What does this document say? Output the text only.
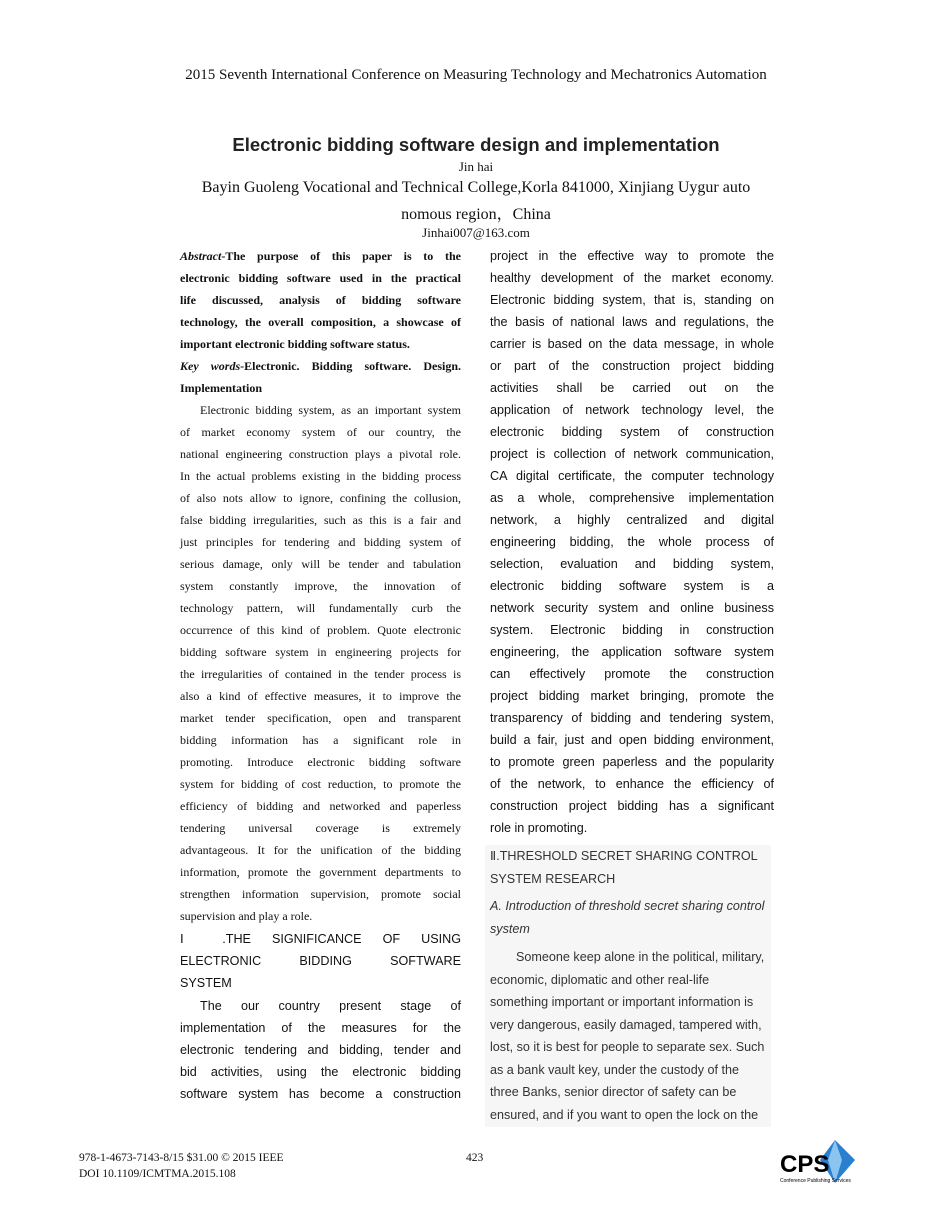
2015 Seventh International Conference on Measuring Technology and Mechatronics Automation
Electronic bidding software design and implementation
Jin hai
Bayin Guoleng Vocational and Technical College,Korla 841000, Xinjiang Uygur auto
nomous region，China
Jinhai007@163.com
Abstract-The purpose of this paper is to the
electronic bidding software used in the practical
life discussed, analysis of bidding software
technology, the overall composition, a showcase of
important electronic bidding software status.
Key words-Electronic. Bidding software. Design.
Implementation
Electronic bidding system, as an important system
of market economy system of our country, the
national engineering construction plays a pivotal role.
In the actual problems existing in the bidding process
of also nots allow to ignore, confining the collusion,
false bidding irregularities, such as this is a fair and
just principles for tendering and bidding system of
serious damage, only will be tender and tabulation
system constantly improve, the innovation of
technology pattern, will fundamentally curb the
occurrence of this kind of problem. Quote electronic
bidding software system in engineering projects for
the irregularities of contained in the tender process is
also a kind of effective measures, it to improve the
market tender specification, open and transparent
bidding information has a significant role in
promoting. Introduce electronic bidding software
system for bidding of cost reduction, to promote the
efficiency of bidding and networked and paperless
tendering universal coverage is extremely
advantageous. It for the unification of the bidding
information, promote the government departments to
strengthen information supervision, promote social
supervision and play a role.
Ⅰ .THE SIGNIFICANCE OF USING
ELECTRONIC BIDDING SOFTWARE
SYSTEM
The our country present stage of
implementation of the measures for the
electronic tendering and bidding, tender and
bid activities, using the electronic bidding
software system has become a construction
project in the effective way to promote the
healthy development of the market economy.
Electronic bidding system, that is, standing on
the basis of national laws and regulations, the
carrier is based on the data message, in whole
or part of the construction project bidding
activities shall be carried out on the
application of network technology level, the
electronic bidding system of construction
project is collection of network communication,
CA digital certificate, the computer technology
as a whole, comprehensive implementation
network, a highly centralized and digital
engineering bidding, the whole process of
selection, evaluation and bidding system,
electronic bidding software system is a
network security system and online business
system. Electronic bidding in construction
engineering, the application software system
can effectively promote the construction
project bidding market bringing, promote the
transparency of bidding and tendering system,
build a fair, just and open bidding environment,
to promote green paperless and the popularity
of the network, to enhance the efficiency of
construction project bidding has a significant
role in promoting.
Ⅱ.THRESHOLD SECRET SHARING CONTROL
SYSTEM RESEARCH
A. Introduction of threshold secret sharing control
system
Someone keep alone in the political, military,
economic, diplomatic and other real-life
something important or important information is
very dangerous, easily damaged, tampered with,
lost, so it is best for people to separate sex. Such
as a bank vault key, under the custody of the
three Banks, senior director of safety can be
ensured, and if you want to open the lock on the
978-1-4673-7143-8/15 $31.00 © 2015 IEEE
DOI 10.1109/ICMTMA.2015.108
423	CPS
Conference Publishing Services
